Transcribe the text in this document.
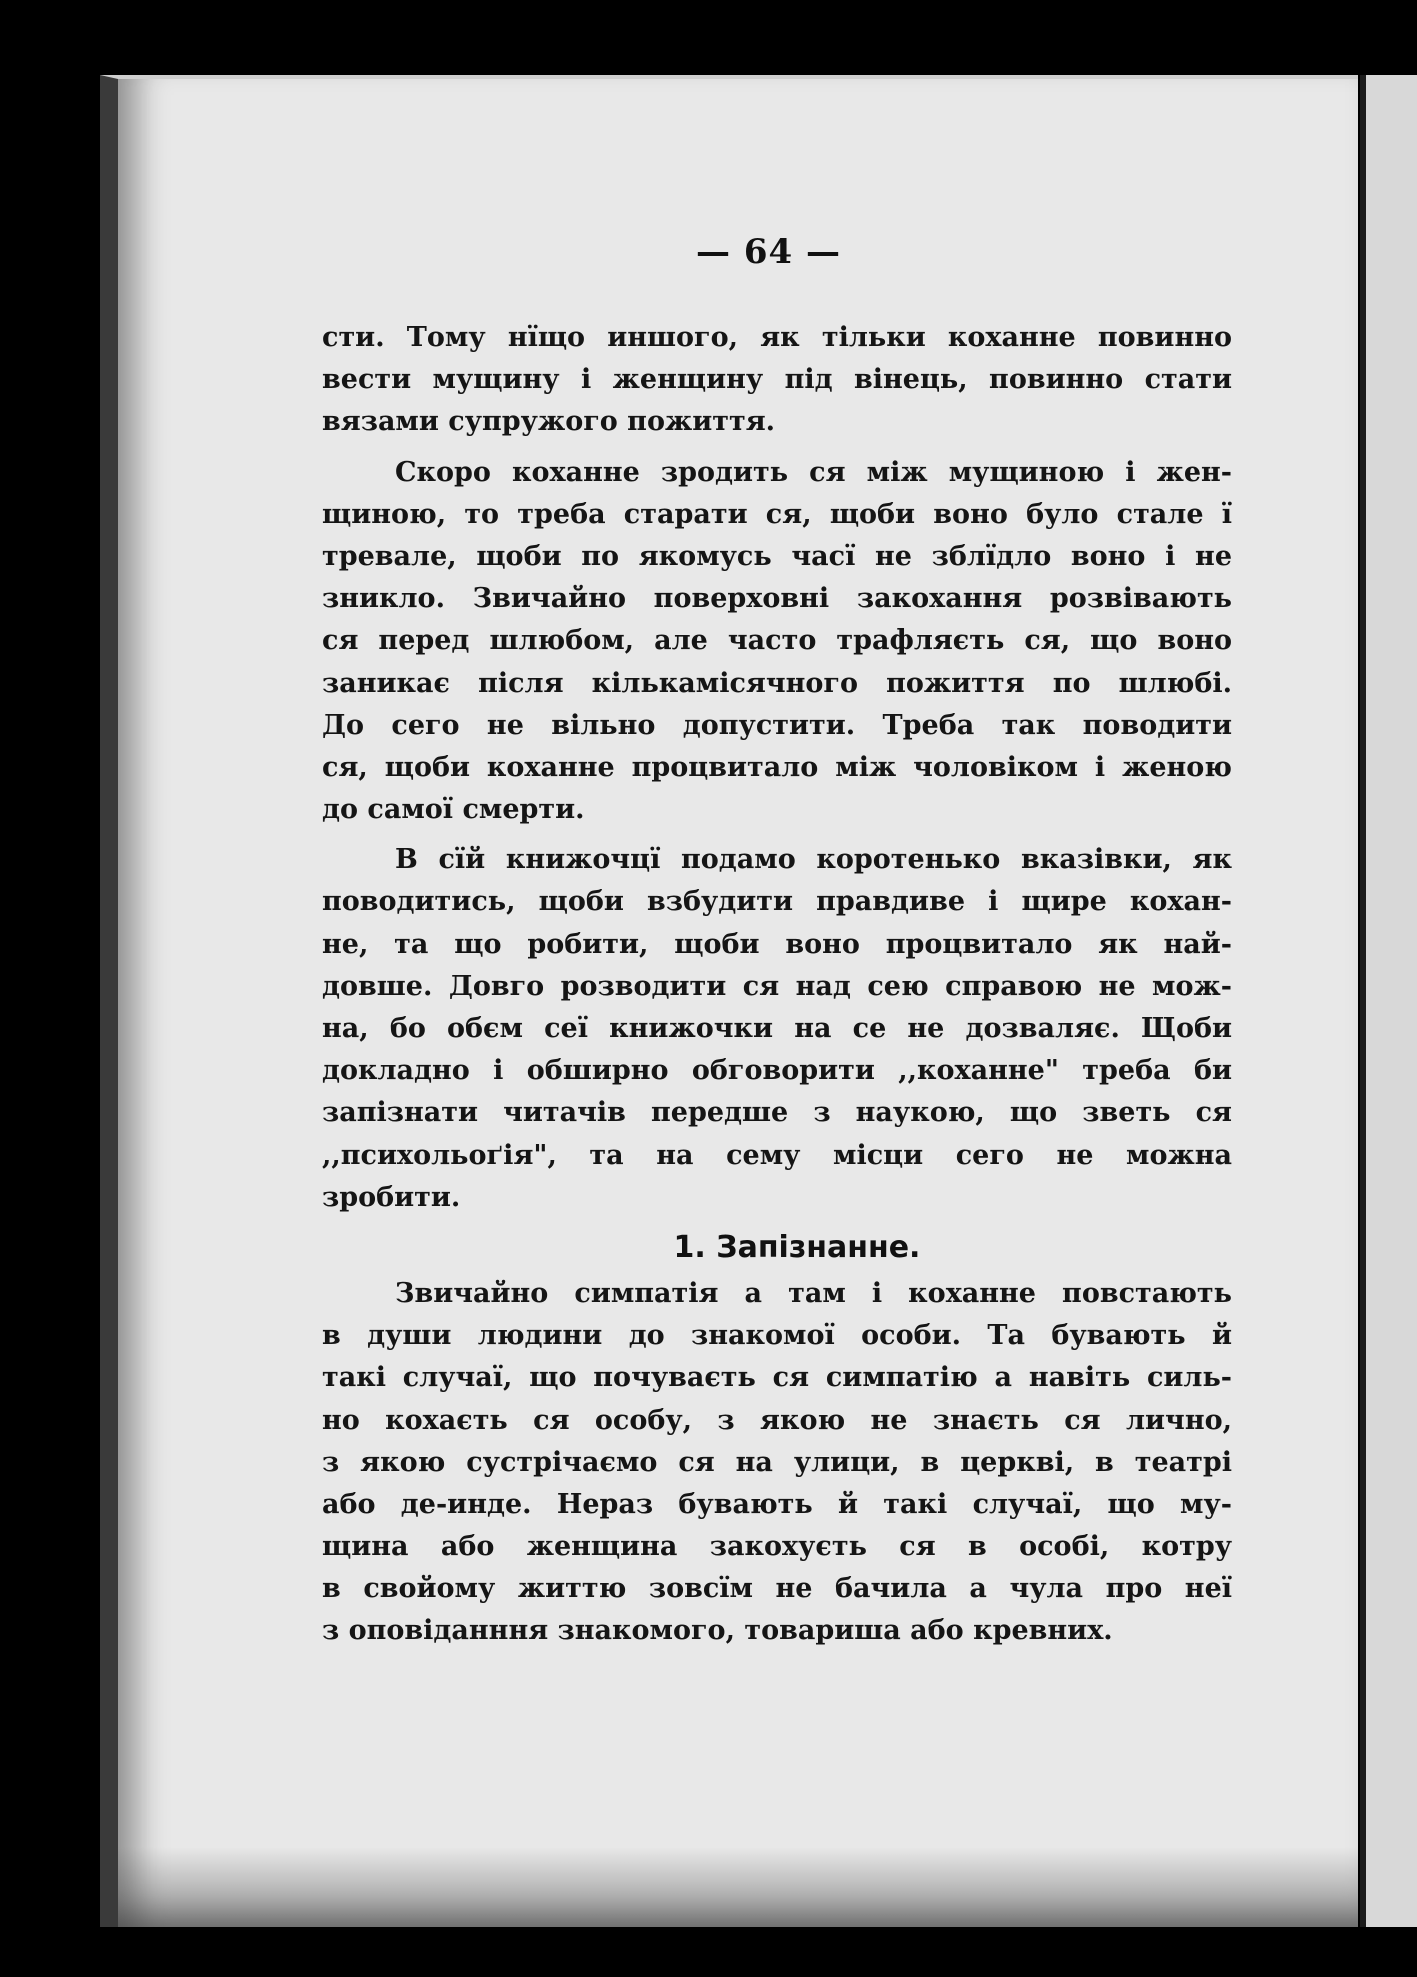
— 64 —
сти. Тому нїщо иншого, як тільки коханне повинно
вести мущину і женщину під вінець, повинно стати
вязами супружого пожиття.
Скоро коханне зродить ся між мущиною і жен-
щиною, то треба старати ся, щоби воно було стале ї
тревале, щоби по якомусь часї не зблїдло воно і не
зникло. Звичайно поверховні закохання розвівають
ся перед шлюбом, але часто трафляєть ся, що воно
заникає після кількамісячного пожиття по шлюбі.
До сего не вільно допустити. Треба так поводити
ся, щоби коханне процвитало між чоловіком і женою
до самої смерти.
В сїй книжочцї подамо коротенько вказівки, як
поводитись, щоби взбудити правдиве і щире кохан-
не, та що робити, щоби воно процвитало як най-
довше. Довго розводити ся над сею справою не мож-
на, бо обєм сеї книжочки на се не дозваляє. Щоби
докладно і обширно обговорити ,,коханне" треба би
запізнати читачів передше з наукою, що зветь ся
,,психольоґія", та на сему місци сего не можна
зробити.
1. Запізнанне.
Звичайно симпатія а там і коханне повстають
в души людини до знакомої особи. Та бувають й
такі случаї, що почуваєть ся симпатію а навіть силь-
но кохаєть ся особу, з якою не знаєть ся лично,
з якою сустрічаємо ся на улици, в церкві, в театрі
або де-инде. Нераз бувають й такі случаї, що му-
щина або женщина закохуєть ся в особі, котру
в свойому життю зовсїм не бачила а чула про неї
з оповіданння знакомого, товариша або кревних.
